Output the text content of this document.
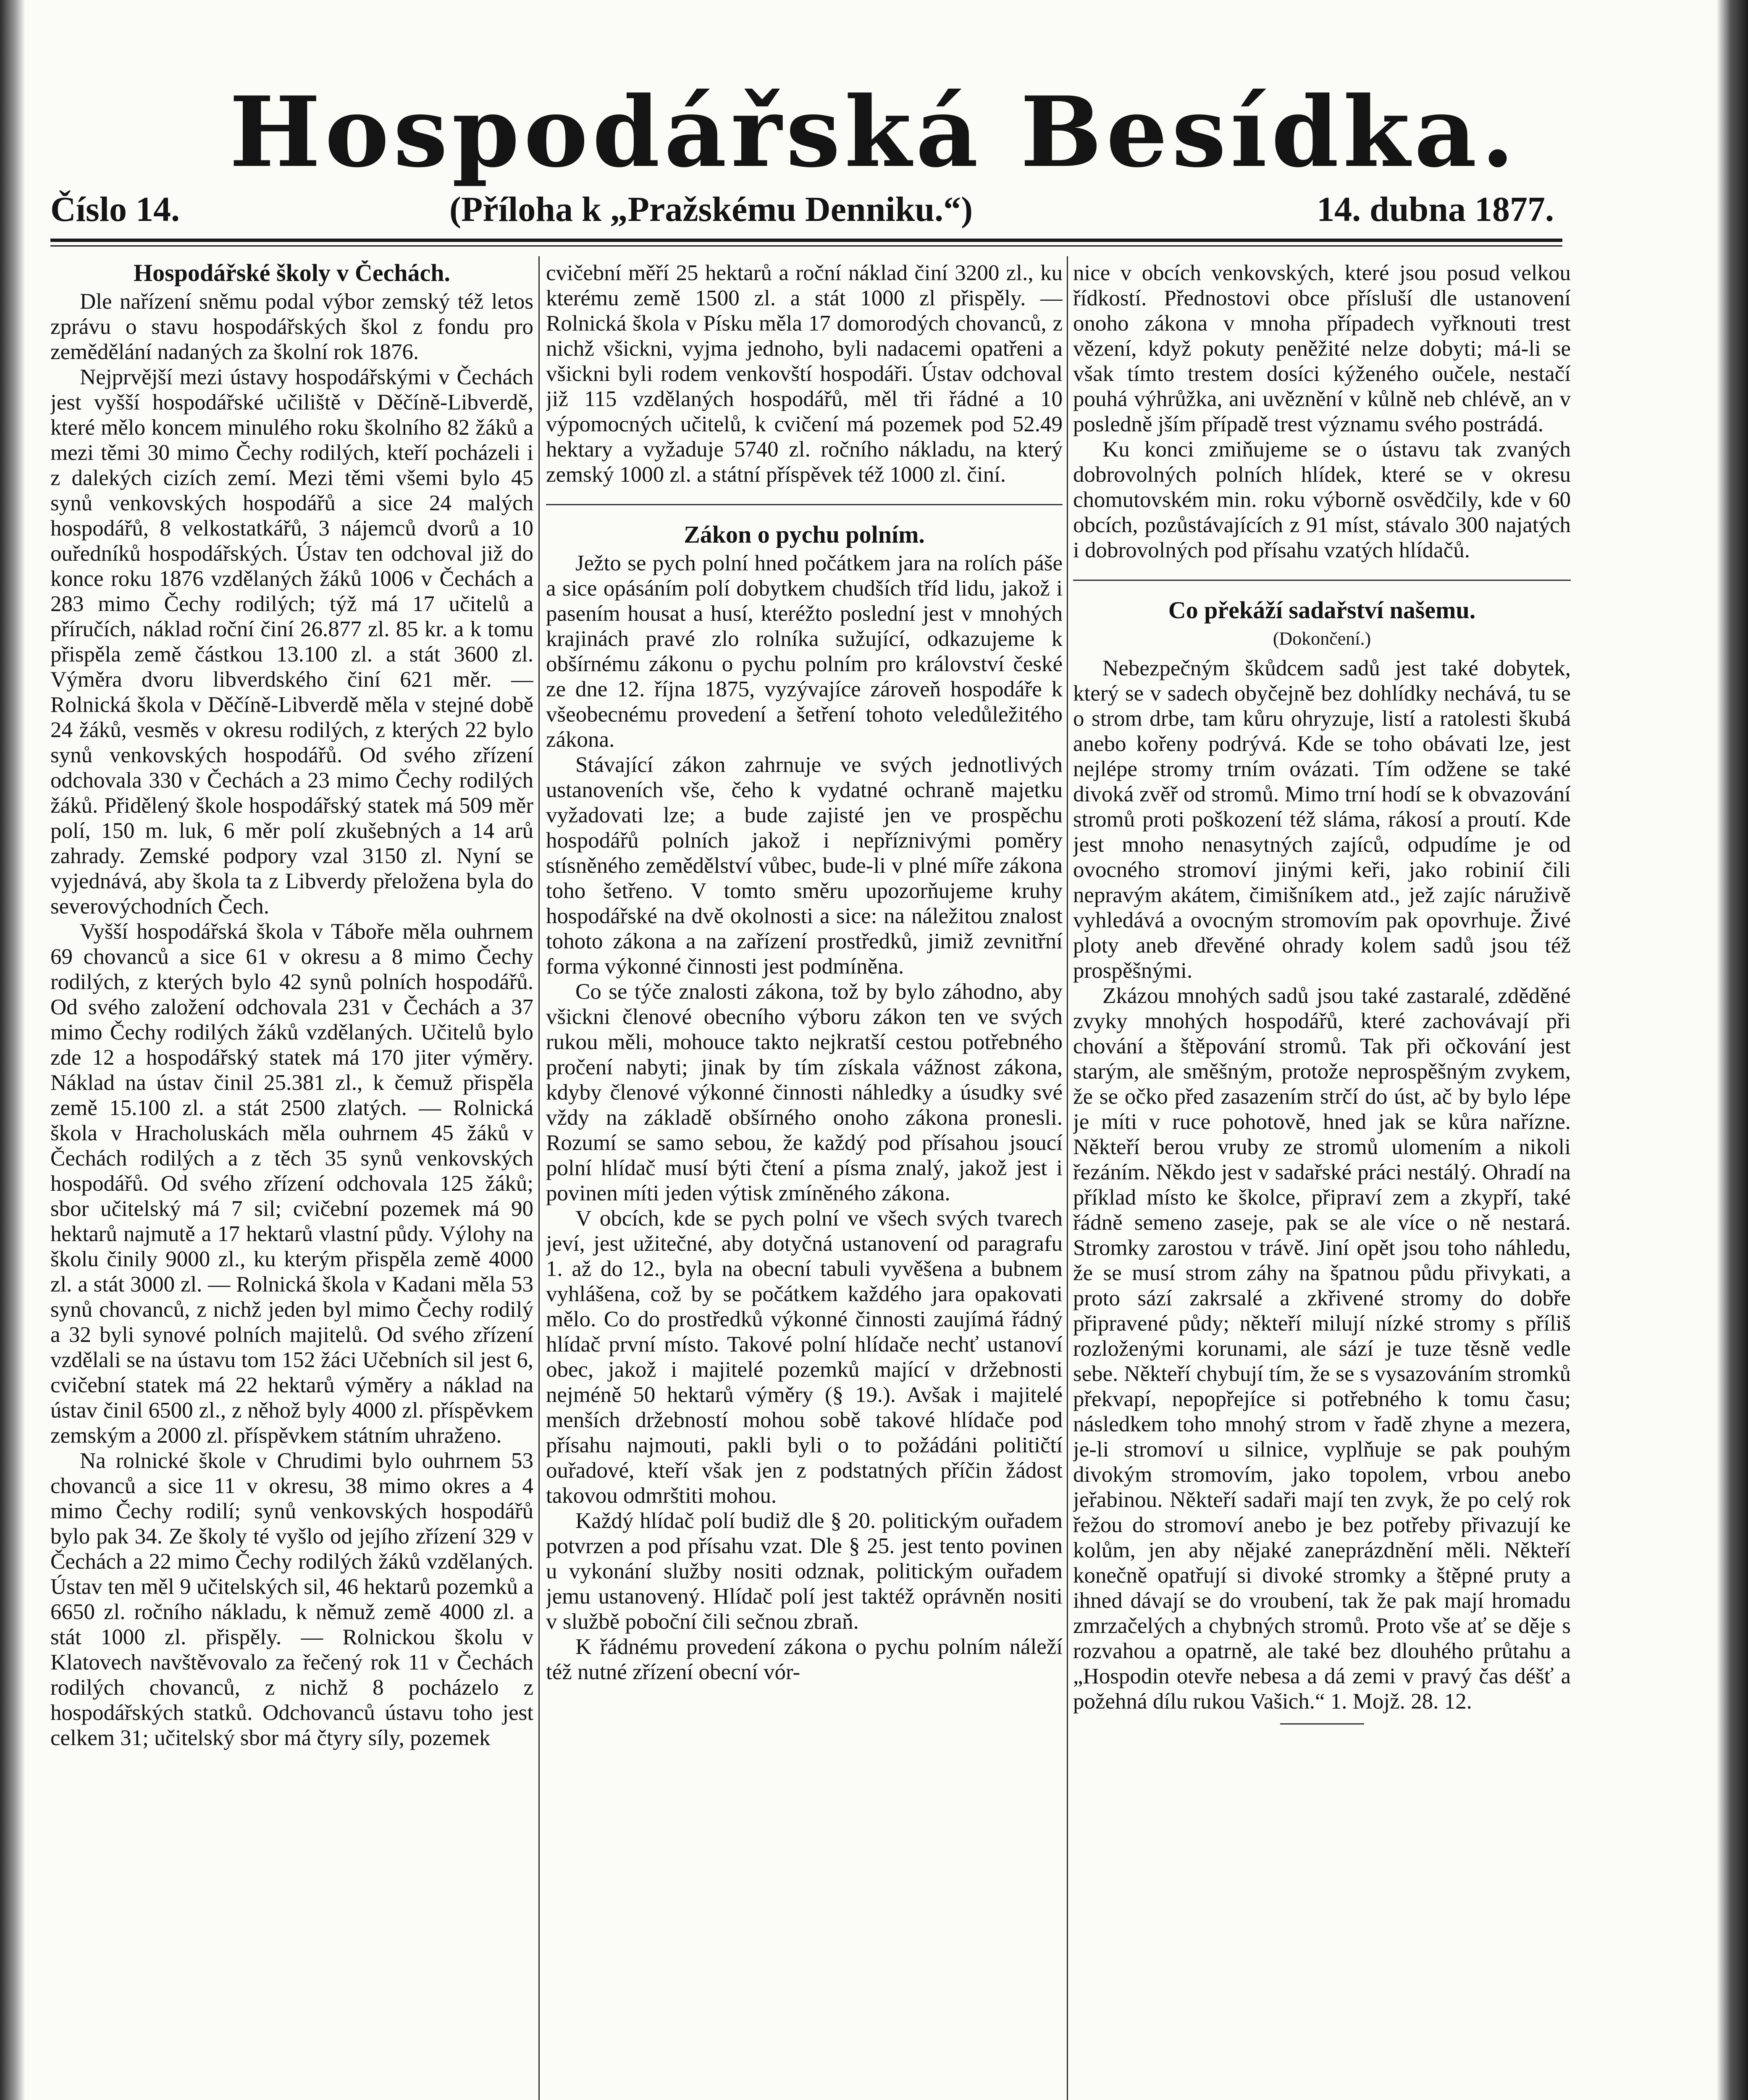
Hospodářská Besídka.
Číslo 14.	(Příloha k „Pražskému Denniku.“)	14. dubna 1877.
Hospodářské školy v Čechách.

Dle nařízení sněmu podal výbor zemský též letos zprávu o stavu hospodářských škol z fondu pro zemědělání nadaných za školní rok 1876.

Nejprvější mezi ústavy hospodářskými v Čechách jest vyšší hospodářské učiliště v Děčíně-Libverdě, které mělo koncem minulého roku školního 82 žáků a mezi těmi 30 mimo Čechy rodilých, kteří pocházeli i z dalekých cizích zemí. Mezi těmi všemi bylo 45 synů venkovských hospodářů a sice 24 malých hospodářů, 8 velkostatkářů, 3 nájemců dvorů a 10 ouředníků hospodářských. Ústav ten odchoval již do konce roku 1876 vzdělaných žáků 1006 v Čechách a 283 mimo Čechy rodilých; týž má 17 učitelů a příručích, náklad roční činí 26.877 zl. 85 kr. a k tomu přispěla země částkou 13.100 zl. a stát 3600 zl. Výměra dvoru libverdského činí 621 měr. — Rolnická škola v Děčíně-Libverdě měla v stejné době 24 žáků, vesměs v okresu rodilých, z kterých 22 bylo synů venkovských hospodářů. Od svého zřízení odchovala 330 v Čechách a 23 mimo Čechy rodilých žáků. Přidělený škole hospodářský statek má 509 měr polí, 150 m. luk, 6 měr polí zkušebných a 14 arů zahrady. Zemské podpory vzal 3150 zl. Nyní se vyjednává, aby škola ta z Libverdy přeložena byla do severovýchodních Čech.

Vyšší hospodářská škola v Táboře měla ouhrnem 69 chovanců a sice 61 v okresu a 8 mimo Čechy rodilých, z kterých bylo 42 synů polních hospodářů. Od svého založení odchovala 231 v Čechách a 37 mimo Čechy rodilých žáků vzdělaných. Učitelů bylo zde 12 a hospodářský statek má 170 jiter výměry. Náklad na ústav činil 25.381 zl., k čemuž přispěla země 15.100 zl. a stát 2500 zlatých. — Rolnická škola v Hracholuskách měla ouhrnem 45 žáků v Čechách rodilých a z těch 35 synů venkovských hospodářů. Od svého zřízení odchovala 125 žáků; sbor učitelský má 7 sil; cvičební pozemek má 90 hektarů najmutě a 17 hektarů vlastní půdy. Výlohy na školu činily 9000 zl., ku kterým přispěla země 4000 zl. a stát 3000 zl. — Rolnická škola v Kadani měla 53 synů chovanců, z nichž jeden byl mimo Čechy rodilý a 32 byli synové polních majitelů. Od svého zřízení vzdělali se na ústavu tom 152 žáci Učebních sil jest 6, cvičební statek má 22 hektarů výměry a náklad na ústav činil 6500 zl., z něhož byly 4000 zl. příspěvkem zemským a 2000 zl. příspěvkem státním uhraženo.

Na rolnické škole v Chrudimi bylo ouhrnem 53 chovanců a sice 11 v okresu, 38 mimo okres a 4 mimo Čechy rodilí; synů venkovských hospodářů bylo pak 34. Ze školy té vyšlo od jejího zřízení 329 v Čechách a 22 mimo Čechy rodilých žáků vzdělaných. Ústav ten měl 9 učitelských sil, 46 hektarů pozemků a 6650 zl. ročního nákladu, k němuž země 4000 zl. a stát 1000 zl. přispěly. — Rolnickou školu v Klatovech navštěvovalo za řečený rok 11 v Čechách rodilých chovanců, z nichž 8 pocházelo z hospodářských statků. Odchovanců ústavu toho jest celkem 31; učitelský sbor má čtyry síly, pozemek

cvičební měří 25 hektarů a roční náklad činí 3200 zl., ku kterému země 1500 zl. a stát 1000 zl přispěly. — Rolnická škola v Písku měla 17 domorodých chovanců, z nichž všickni, vyjma jednoho, byli nadacemi opatřeni a všickni byli rodem venkovští hospodáři. Ústav odchoval již 115 vzdělaných hospodářů, měl tři řádné a 10 výpomocných učitelů, k cvičení má pozemek pod 52.49 hektary a vyžaduje 5740 zl. ročního nákladu, na který zemský 1000 zl. a státní příspěvek též 1000 zl. činí.

Zákon o pychu polním.

Ježto se pych polní hned počátkem jara na rolích páše a sice opásáním polí dobytkem chudších tříd lidu, jakož i pasením housat a husí, kteréžto poslední jest v mnohých krajinách pravé zlo rolníka sužující, odkazujeme k obšírnému zákonu o pychu polním pro království české ze dne 12. října 1875, vyzývajíce zároveň hospodáře k všeobecnému provedení a šetření tohoto veledůležitého zákona.

Stávající zákon zahrnuje ve svých jednotlivých ustanoveních vše, čeho k vydatné ochraně majetku vyžadovati lze; a bude zajisté jen ve prospěchu hospodářů polních jakož i nepříznivými poměry stísněného zemědělství vůbec, bude-li v plné míře zákona toho šetřeno. V tomto směru upozorňujeme kruhy hospodářské na dvě okolnosti a sice: na náležitou znalost tohoto zákona a na zařízení prostředků, jimiž zevnitřní forma výkonné činnosti jest podmíněna.

Co se týče znalosti zákona, tož by bylo záhodno, aby všickni členové obecního výboru zákon ten ve svých rukou měli, mohouce takto nejkratší cestou potřebného pročení nabyti; jinak by tím získala vážnost zákona, kdyby členové výkonné činnosti náhledky a úsudky své vždy na základě obšírného onoho zákona pronesli. Rozumí se samo sebou, že každý pod přísahou jsoucí polní hlídač musí býti čtení a písma znalý, jakož jest i povinen míti jeden výtisk zmíněného zákona.

V obcích, kde se pych polní ve všech svých tvarech jeví, jest užitečné, aby dotyčná ustanovení od paragrafu 1. až do 12., byla na obecní tabuli vyvěšena a bubnem vyhlášena, což by se počátkem každého jara opakovati mělo. Co do prostředků výkonné činnosti zaujímá řádný hlídač první místo. Takové polní hlídače nechť ustanoví obec, jakož i majitelé pozemků mající v držebnosti nejméně 50 hektarů výměry (§ 19.). Avšak i majitelé menších držebností mohou sobě takové hlídače pod přísahu najmouti, pakli byli o to požádáni političtí ouřadové, kteří však jen z podstatných příčin žádost takovou odmrštiti mohou.

Každý hlídač polí budiž dle § 20. politickým ouřadem potvrzen a pod přísahu vzat. Dle § 25. jest tento povinen u vykonání služby nositi odznak, politickým ouřadem jemu ustanovený. Hlídač polí jest taktéž oprávněn nositi v službě poboční čili sečnou zbraň.

K řádnému provedení zákona o pychu polním náleží též nutné zřízení obecní vór-

nice v obcích venkovských, které jsou posud velkou řídkostí. Přednostovi obce přísluší dle ustanovení onoho zákona v mnoha případech vyřknouti trest vězení, když pokuty peněžité nelze dobyti; má-li se však tímto trestem dosíci kýženého oučele, nestačí pouhá výhrůžka, ani uvěznění v kůlně neb chlévě, an v posledně jším případě trest významu svého postrádá.

Ku konci zmiňujeme se o ústavu tak zvaných dobrovolných polních hlídek, které se v okresu chomutovském min. roku výborně osvědčily, kde v 60 obcích, pozůstávajících z 91 míst, stávalo 300 najatých i dobrovolných pod přísahu vzatých hlídačů.

Co překáží sadařství našemu.
(Dokončení.)

Nebezpečným škůdcem sadů jest také dobytek, který se v sadech obyčejně bez dohlídky nechává, tu se o strom drbe, tam kůru ohryzuje, listí a ratolesti škubá anebo kořeny podrývá. Kde se toho obávati lze, jest nejlépe stromy trním ovázati. Tím odžene se také divoká zvěř od stromů. Mimo trní hodí se k obvazování stromů proti poškození též sláma, rákosí a proutí. Kde jest mnoho nenasytných zajíců, odpudíme je od ovocného stromoví jinými keři, jako robinií čili nepravým akátem, čimišníkem atd., jež zajíc náruživě vyhledává a ovocným stromovím pak opovrhuje. Živé ploty aneb dřevěné ohrady kolem sadů jsou též prospěšnými.

Zkázou mnohých sadů jsou také zastaralé, zděděné zvyky mnohých hospodářů, které zachovávají při chování a štěpování stromů. Tak při očkování jest starým, ale směšným, protože neprospěšným zvykem, že se očko před zasazením strčí do úst, ač by bylo lépe je míti v ruce pohotově, hned jak se kůra naříznе. Někteří berou vruby ze stromů ulomením a nikoli řezáním. Někdo jest v sadařské práci nestálý. Ohradí na příklad místo ke školce, připraví zem a zkypří, také řádně semeno zaseje, pak se ale více o ně nestará. Stromky zarostou v trávě. Jiní opět jsou toho náhledu, že se musí strom záhy na špatnou půdu přivykati, a proto sází zakrsalé a zkřivené stromy do dobře připravené půdy; někteří milují nízké stromy s příliš rozloženými korunami, ale sází je tuze těsně vedle sebe. Někteří chybují tím, že se s vysazováním stromků překvapí, nepopřejíce si potřebného k tomu času; následkem toho mnohý strom v řadě zhyne a mezera, je-li stromoví u silnice, vyplňuje se pak pouhým divokým stromovím, jako topolem, vrbou anebo jeřabinou. Někteří sadaři mají ten zvyk, že po celý rok řežou do stromoví anebo je bez potřeby přivazují ke kolům, jen aby nějaké zaneprázdnění měli. Někteří konečně opatřují si divoké stromky a štěpné pruty a ihned dávají se do vroubení, tak že pak mají hromadu zmrzačelých a chybných stromů. Proto vše ať se děje s rozvahou a opatrně, ale také bez dlouhého průtahu a „Hospodin otevře nebesa a dá zemi v pravý čas déšť a požehná dílu rukou Vašich.“ 1. Mojž. 28. 12.
